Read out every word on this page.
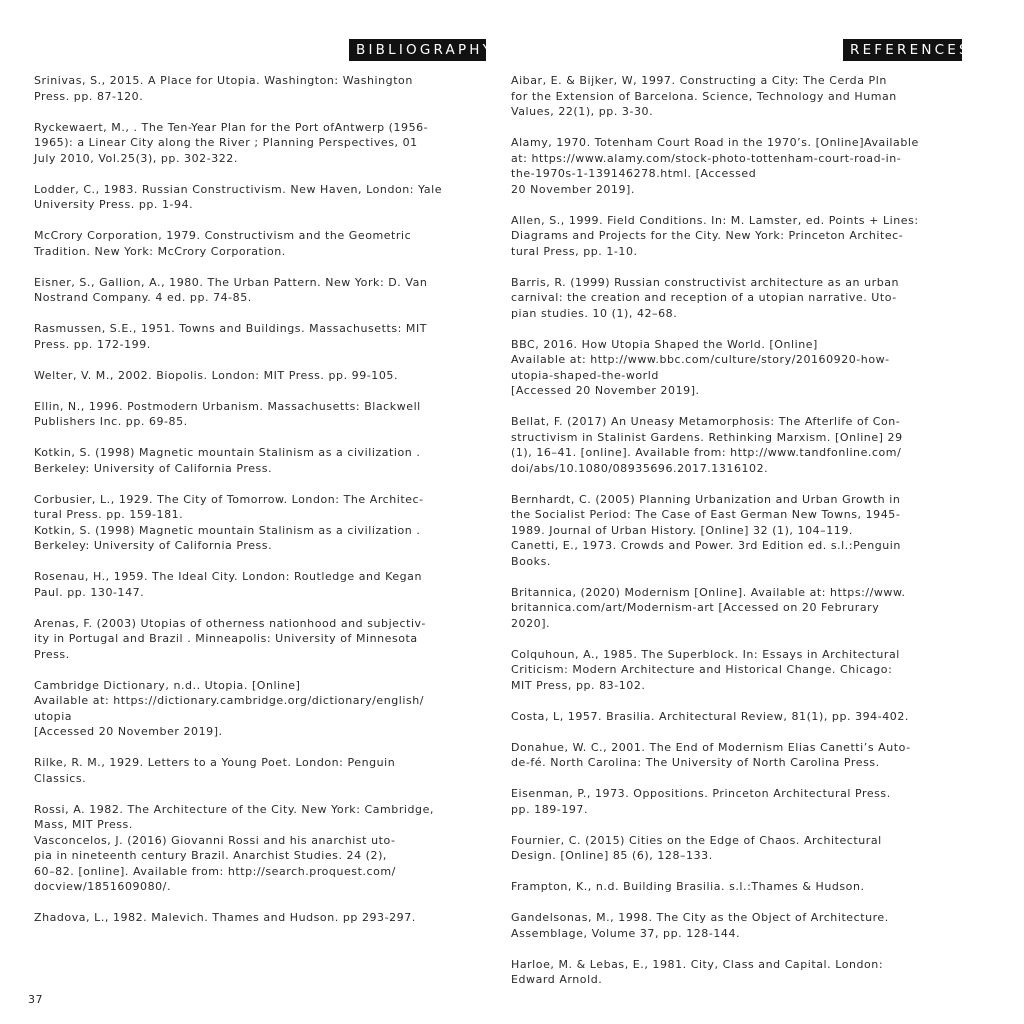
BIBLIOGRAPHY	REFERENCES

Srinivas, S., 2015. A Place for Utopia. Washington: Washington
Press. pp. 87-120.

Ryckewaert, M., . The Ten-Year Plan for the Port ofAntwerp (1956-
1965): a Linear City along the River ; Planning Perspectives, 01
July 2010, Vol.25(3), pp. 302-322.

Lodder, C., 1983. Russian Constructivism. New Haven, London: Yale
University Press. pp. 1-94.

McCrory Corporation, 1979. Constructivism and the Geometric
Tradition. New York: McCrory Corporation.

Eisner, S., Gallion, A., 1980. The Urban Pattern. New York: D. Van
Nostrand Company. 4 ed. pp. 74-85.

Rasmussen, S.E., 1951. Towns and Buildings. Massachusetts: MIT
Press. pp. 172-199.

Welter, V. M., 2002. Biopolis. London: MIT Press. pp. 99-105.

Ellin, N., 1996. Postmodern Urbanism. Massachusetts: Blackwell
Publishers Inc. pp. 69-85.

Kotkin, S. (1998) Magnetic mountain Stalinism as a civilization .
Berkeley: University of California Press.

Corbusier, L., 1929. The City of Tomorrow. London: The Architec-
tural Press. pp. 159-181.
Kotkin, S. (1998) Magnetic mountain Stalinism as a civilization .
Berkeley: University of California Press.

Rosenau, H., 1959. The Ideal City. London: Routledge and Kegan
Paul. pp. 130-147.

Arenas, F. (2003) Utopias of otherness nationhood and subjectiv-
ity in Portugal and Brazil . Minneapolis: University of Minnesota
Press.

Cambridge Dictionary, n.d.. Utopia. [Online]
Available at: https://dictionary.cambridge.org/dictionary/english/
utopia
[Accessed 20 November 2019].

Rilke, R. M., 1929. Letters to a Young Poet. London: Penguin
Classics.

Rossi, A. 1982. The Architecture of the City. New York: Cambridge,
Mass, MIT Press.
Vasconcelos, J. (2016) Giovanni Rossi and his anarchist uto-
pia in nineteenth century Brazil. Anarchist Studies. 24 (2),
60–82. [online]. Available from: http://search.proquest.com/
docview/1851609080/.

Zhadova, L., 1982. Malevich. Thames and Hudson. pp 293-297.

Aibar, E. & Bijker, W, 1997. Constructing a City: The Cerda Pln
for the Extension of Barcelona. Science, Technology and Human
Values, 22(1), pp. 3-30.

Alamy, 1970. Totenham Court Road in the 1970’s. [Online]Available
at: https://www.alamy.com/stock-photo-tottenham-court-road-in-
the-1970s-1-139146278.html. [Accessed
20 November 2019].

Allen, S., 1999. Field Conditions. In: M. Lamster, ed. Points + Lines:
Diagrams and Projects for the City. New York: Princeton Architec-
tural Press, pp. 1-10.

Barris, R. (1999) Russian constructivist architecture as an urban
carnival: the creation and reception of a utopian narrative. Uto-
pian studies. 10 (1), 42–68.

BBC, 2016. How Utopia Shaped the World. [Online]
Available at: http://www.bbc.com/culture/story/20160920-how-
utopia-shaped-the-world
[Accessed 20 November 2019].

Bellat, F. (2017) An Uneasy Metamorphosis: The Afterlife of Con-
structivism in Stalinist Gardens. Rethinking Marxism. [Online] 29
(1), 16–41. [online]. Available from: http://www.tandfonline.com/
doi/abs/10.1080/08935696.2017.1316102.

Bernhardt, C. (2005) Planning Urbanization and Urban Growth in
the Socialist Period: The Case of East German New Towns, 1945-
1989. Journal of Urban History. [Online] 32 (1), 104–119.
Canetti, E., 1973. Crowds and Power. 3rd Edition ed. s.l.:Penguin
Books.

Britannica, (2020) Modernism [Online]. Available at: https://www.
britannica.com/art/Modernism-art [Accessed on 20 Februrary
2020].

Colquhoun, A., 1985. The Superblock. In: Essays in Architectural
Criticism: Modern Architecture and Historical Change. Chicago:
MIT Press, pp. 83-102.

Costa, L, 1957. Brasilia. Architectural Review, 81(1), pp. 394-402.

Donahue, W. C., 2001. The End of Modernism Elias Canetti’s Auto-
de-fé. North Carolina: The University of North Carolina Press.

Eisenman, P., 1973. Oppositions. Princeton Architectural Press.
pp. 189-197.

Fournier, C. (2015) Cities on the Edge of Chaos. Architectural
Design. [Online] 85 (6), 128–133.

Frampton, K., n.d. Building Brasilia. s.l.:Thames & Hudson.

Gandelsonas, M., 1998. The City as the Object of Architecture.
Assemblage, Volume 37, pp. 128-144.

Harloe, M. & Lebas, E., 1981. City, Class and Capital. London:
Edward Arnold.

37
